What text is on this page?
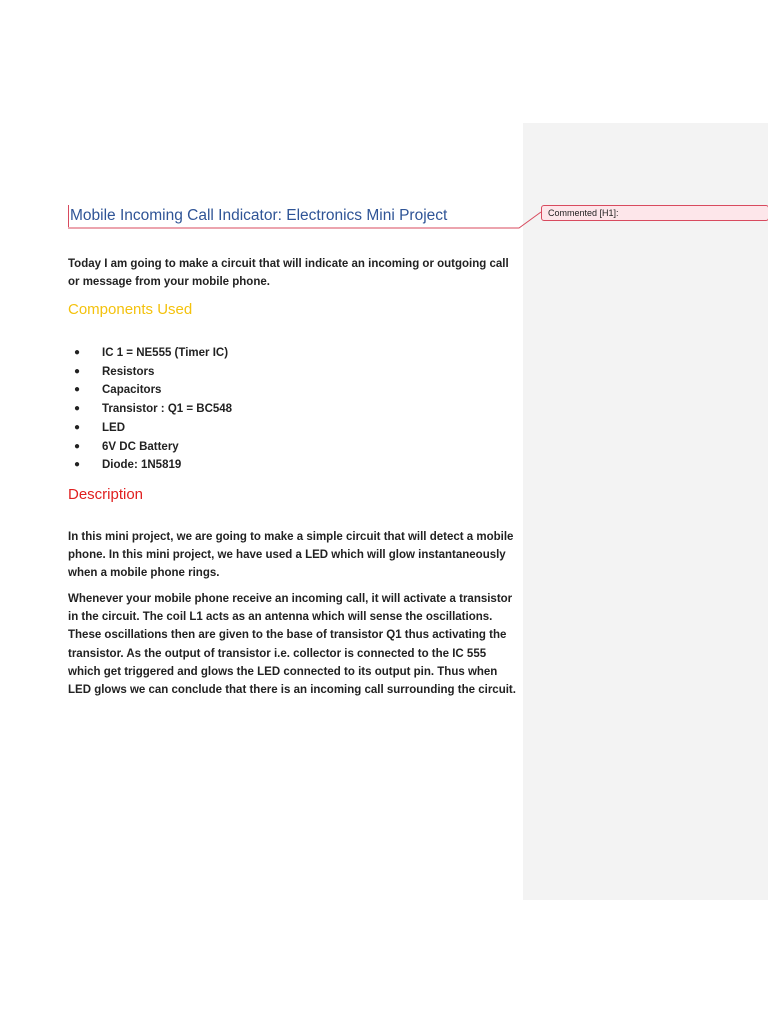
Commented [H1]:
Mobile Incoming Call Indicator: Electronics Mini Project

Today I am going to make a circuit that will indicate an incoming or outgoing call or message from your mobile phone.

Components Used
● IC 1 = NE555 (Timer IC)
● Resistors
● Capacitors
● Transistor : Q1 = BC548
● LED
● 6V DC Battery
● Diode: 1N5819
Description

In this mini project, we are going to make a simple circuit that will detect a mobile phone. In this mini project, we have used a LED which will glow instantaneously when a mobile phone rings.

Whenever your mobile phone receive an incoming call, it will activate a transistor in the circuit. The coil L1 acts as an antenna which will sense the oscillations. These oscillations then are given to the base of transistor Q1 thus activating the transistor. As the output of transistor i.e. collector is connected to the IC 555 which get triggered and glows the LED connected to its output pin. Thus when LED glows we can conclude that there is an incoming call surrounding the circuit.
